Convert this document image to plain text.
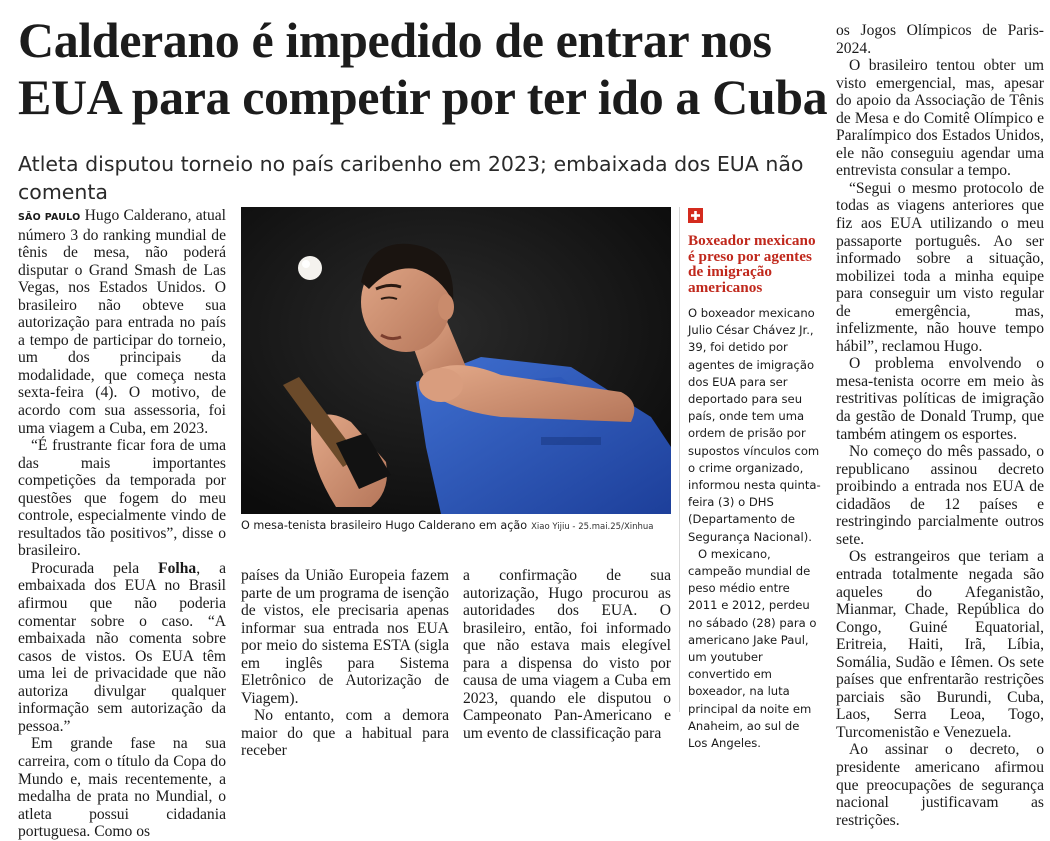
Calderano é impedido de entrar nos EUA para competir por ter ido a Cuba
Atleta disputou torneio no país caribenho em 2023; embaixada dos EUA não comenta

SÃO PAULO Hugo Calderano, atual número 3 do ranking mundial de tênis de mesa, não poderá disputar o Grand Smash de Las Vegas, nos Estados Unidos. O brasileiro não obteve sua autorização para entrada no país a tempo de participar do torneio, um dos principais da modalidade, que começa nesta sexta-feira (4). O motivo, de acordo com sua assessoria, foi uma viagem a Cuba, em 2023.

“É frustrante ficar fora de uma das mais importantes competições da temporada por questões que fogem do meu controle, especialmente vindo de resultados tão positivos”, disse o brasileiro.

Procurada pela Folha, a embaixada dos EUA no Brasil afirmou que não poderia comentar sobre o caso. “A embaixada não comenta sobre casos de vistos. Os EUA têm uma lei de privacidade que não autoriza divulgar qualquer informação sem autorização da pessoa.”

Em grande fase na sua carreira, com o título da Copa do Mundo e, mais recentemente, a medalha de prata no Mundial, o atleta possui cidadania portuguesa. Como os

O mesa-tenista brasileiro Hugo Calderano em ação Xiao Yijiu - 25.mai.25/Xinhua

países da União Europeia fazem parte de um programa de isenção de vistos, ele precisaria apenas informar sua entrada nos EUA por meio do sistema ESTA (sigla em inglês para Sistema Eletrônico de Autorização de Viagem).

No entanto, com a demora maior do que a habitual para receber

a confirmação de sua autorização, Hugo procurou as autoridades dos EUA. O brasileiro, então, foi informado que não estava mais elegível para a dispensa do visto por causa de uma viagem a Cuba em 2023, quando ele disputou o Campeonato Pan-Americano e um evento de classificação para

Boxeador mexicano é preso por agentes de imigração americanos

O boxeador mexicano Julio César Chávez Jr., 39, foi detido por agentes de imigração dos EUA para ser deportado para seu país, onde tem uma ordem de prisão por supostos vínculos com o crime organizado, informou nesta quinta-feira (3) o DHS (Departamento de Segurança Nacional).

O mexicano, campeão mundial de peso médio entre 2011 e 2012, perdeu no sábado (28) para o americano Jake Paul, um youtuber convertido em boxeador, na luta principal da noite em Anaheim, ao sul de Los Angeles.

os Jogos Olímpicos de Paris-2024.

O brasileiro tentou obter um visto emergencial, mas, apesar do apoio da Associação de Tênis de Mesa e do Comitê Olímpico e Paralímpico dos Estados Unidos, ele não conseguiu agendar uma entrevista consular a tempo.

“Segui o mesmo protocolo de todas as viagens anteriores que fiz aos EUA utilizando o meu passaporte português. Ao ser informado sobre a situação, mobilizei toda a minha equipe para conseguir um visto regular de emergência, mas, infelizmente, não houve tempo hábil”, reclamou Hugo.

O problema envolvendo o mesa-tenista ocorre em meio às restritivas políticas de imigração da gestão de Donald Trump, que também atingem os esportes.

No começo do mês passado, o republicano assinou decreto proibindo a entrada nos EUA de cidadãos de 12 países e restringindo parcialmente outros sete.

Os estrangeiros que teriam a entrada totalmente negada são aqueles do Afeganistão, Mianmar, Chade, República do Congo, Guiné Equatorial, Eritreia, Haiti, Irã, Líbia, Somália, Sudão e Iêmen. Os sete países que enfrentarão restrições parciais são Burundi, Cuba, Laos, Serra Leoa, Togo, Turcomenistão e Venezuela.

Ao assinar o decreto, o presidente americano afirmou que preocupações de segurança nacional justificavam as restrições.
